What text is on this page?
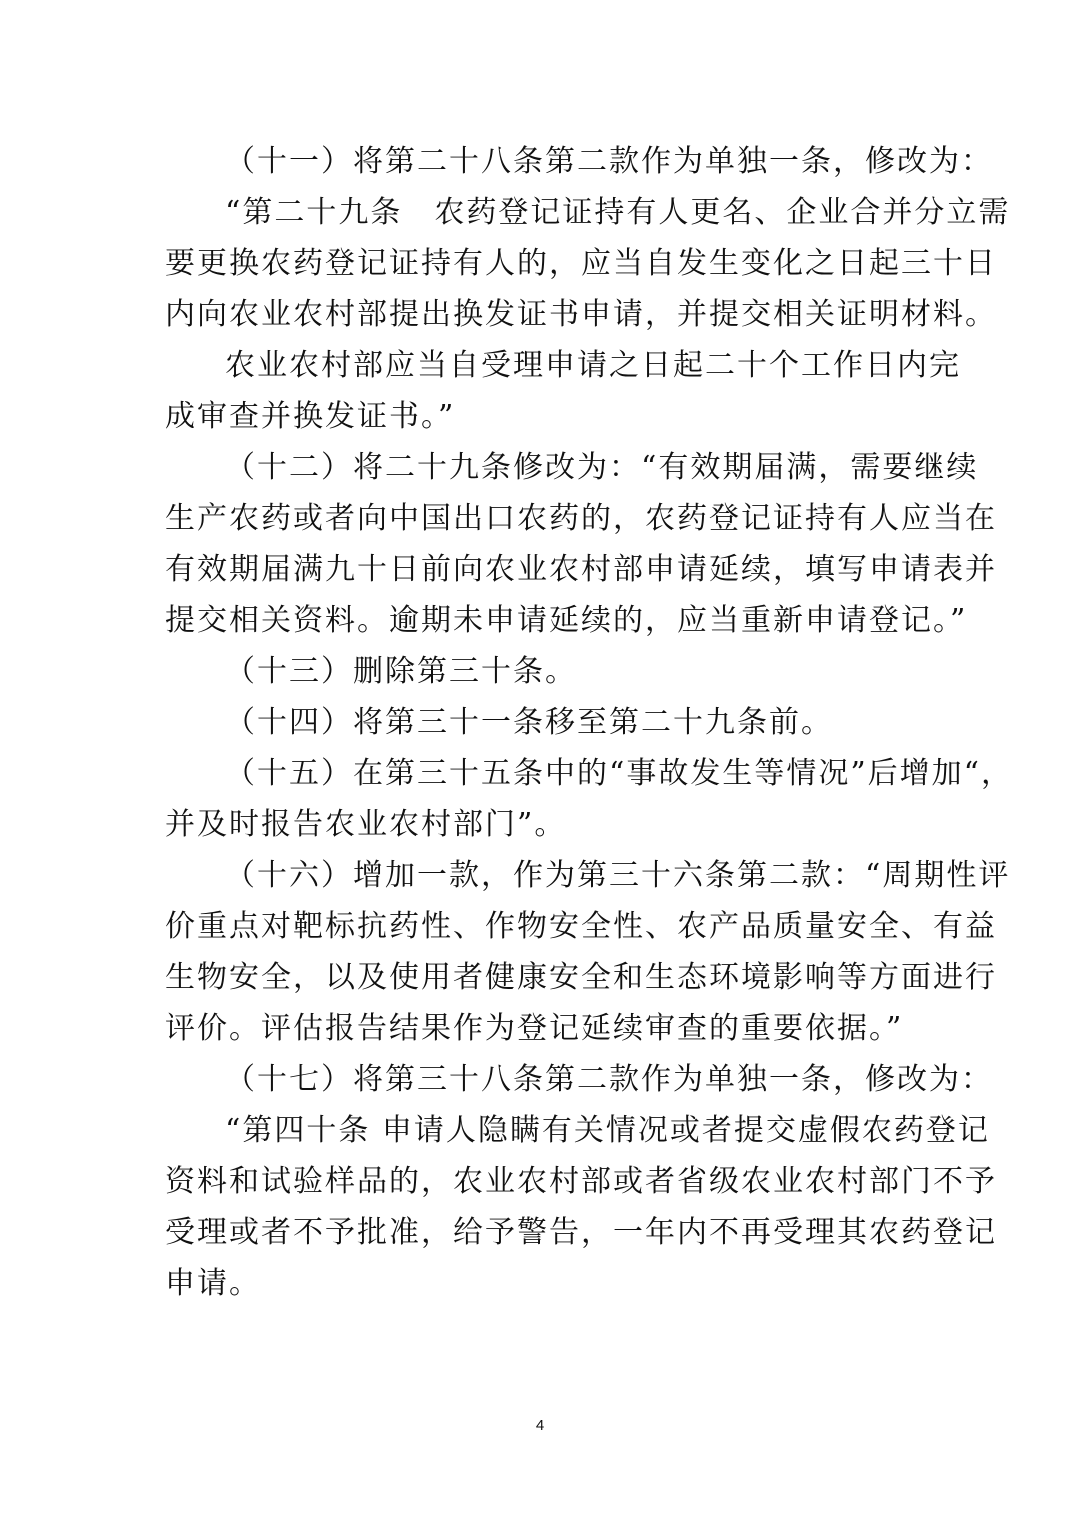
（十一）将第二十八条第二款作为单独一条，修改为：
“第二十九条　农药登记证持有人更名、企业合并分立需
要更换农药登记证持有人的，应当自发生变化之日起三十日
内向农业农村部提出换发证书申请，并提交相关证明材料。
农业农村部应当自受理申请之日起二十个工作日内完
成审查并换发证书。”
（十二）将二十九条修改为：“有效期届满，需要继续
生产农药或者向中国出口农药的，农药登记证持有人应当在
有效期届满九十日前向农业农村部申请延续，填写申请表并
提交相关资料。逾期未申请延续的，应当重新申请登记。”
（十三）删除第三十条。
（十四）将第三十一条移至第二十九条前。
（十五）在第三十五条中的“事故发生等情况”后增加“，
并及时报告农业农村部门”。
（十六）增加一款，作为第三十六条第二款：“周期性评
价重点对靶标抗药性、作物安全性、农产品质量安全、有益
生物安全，以及使用者健康安全和生态环境影响等方面进行
评价。评估报告结果作为登记延续审查的重要依据。”
（十七）将第三十八条第二款作为单独一条，修改为：
“第四十条 申请人隐瞒有关情况或者提交虚假农药登记
资料和试验样品的，农业农村部或者省级农业农村部门不予
受理或者不予批准，给予警告，一年内不再受理其农药登记
申请。
4
